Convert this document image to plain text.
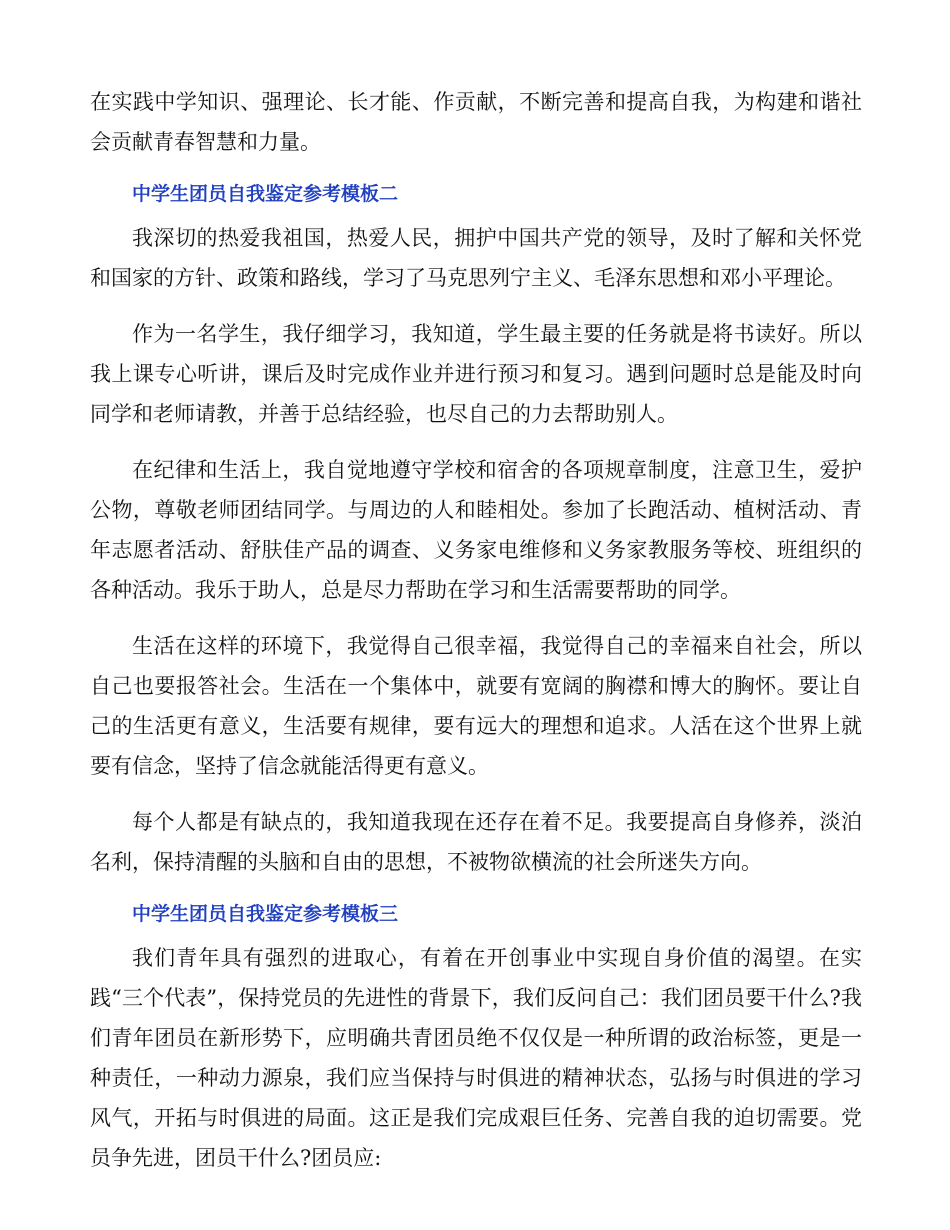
在实践中学知识、强理论、长才能、作贡献，不断完善和提高自我，为构建和谐社会贡献青春智慧和力量。

中学生团员自我鉴定参考模板二

我深切的热爱我祖国，热爱人民，拥护中国共产党的领导，及时了解和关怀党和国家的方针、政策和路线，学习了马克思列宁主义、毛泽东思想和邓小平理论。

作为一名学生，我仔细学习，我知道，学生最主要的任务就是将书读好。所以我上课专心听讲，课后及时完成作业并进行预习和复习。遇到问题时总是能及时向同学和老师请教，并善于总结经验，也尽自己的力去帮助别人。

在纪律和生活上，我自觉地遵守学校和宿舍的各项规章制度，注意卫生，爱护公物，尊敬老师团结同学。与周边的人和睦相处。参加了长跑活动、植树活动、青年志愿者活动、舒肤佳产品的调查、义务家电维修和义务家教服务等校、班组织的各种活动。我乐于助人，总是尽力帮助在学习和生活需要帮助的同学。

生活在这样的环境下，我觉得自己很幸福，我觉得自己的幸福来自社会，所以自己也要报答社会。生活在一个集体中，就要有宽阔的胸襟和博大的胸怀。要让自己的生活更有意义，生活要有规律，要有远大的理想和追求。人活在这个世界上就要有信念，坚持了信念就能活得更有意义。

每个人都是有缺点的，我知道我现在还存在着不足。我要提高自身修养，淡泊名利，保持清醒的头脑和自由的思想，不被物欲横流的社会所迷失方向。

中学生团员自我鉴定参考模板三

我们青年具有强烈的进取心，有着在开创事业中实现自身价值的渴望。在实践“三个代表”，保持党员的先进性的背景下，我们反问自己：我们团员要干什么?我们青年团员在新形势下，应明确共青团员绝不仅仅是一种所谓的政治标签，更是一种责任，一种动力源泉，我们应当保持与时俱进的精神状态，弘扬与时俱进的学习风气，开拓与时俱进的局面。这正是我们完成艰巨任务、完善自我的迫切需要。党员争先进，团员干什么?团员应:
